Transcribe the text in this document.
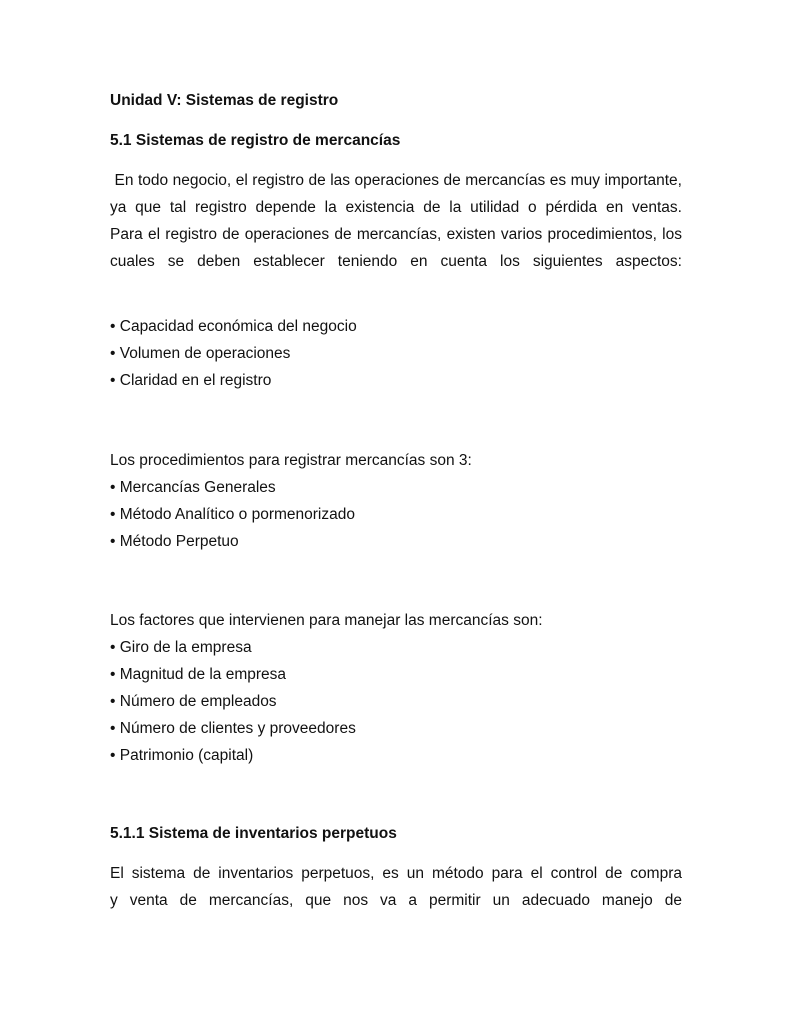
Unidad V: Sistemas de registro
5.1 Sistemas de registro de mercancías
En todo negocio, el registro de las operaciones de mercancías es muy importante,
ya que tal registro depende la existencia de la utilidad o pérdida en ventas.
Para el registro de operaciones de mercancías, existen varios procedimientos, los
cuales se deben establecer teniendo en cuenta los siguientes aspectos:
• Capacidad económica del negocio
• Volumen de operaciones
• Claridad en el registro
Los procedimientos para registrar mercancías son 3:
• Mercancías Generales
• Método Analítico o pormenorizado
• Método Perpetuo
Los factores que intervienen para manejar las mercancías son:
• Giro de la empresa
• Magnitud de la empresa
• Número de empleados
• Número de clientes y proveedores
• Patrimonio (capital)
5.1.1 Sistema de inventarios perpetuos
El sistema de inventarios perpetuos, es un método para el control de compra
y venta de mercancías, que nos va a permitir un adecuado manejo de
